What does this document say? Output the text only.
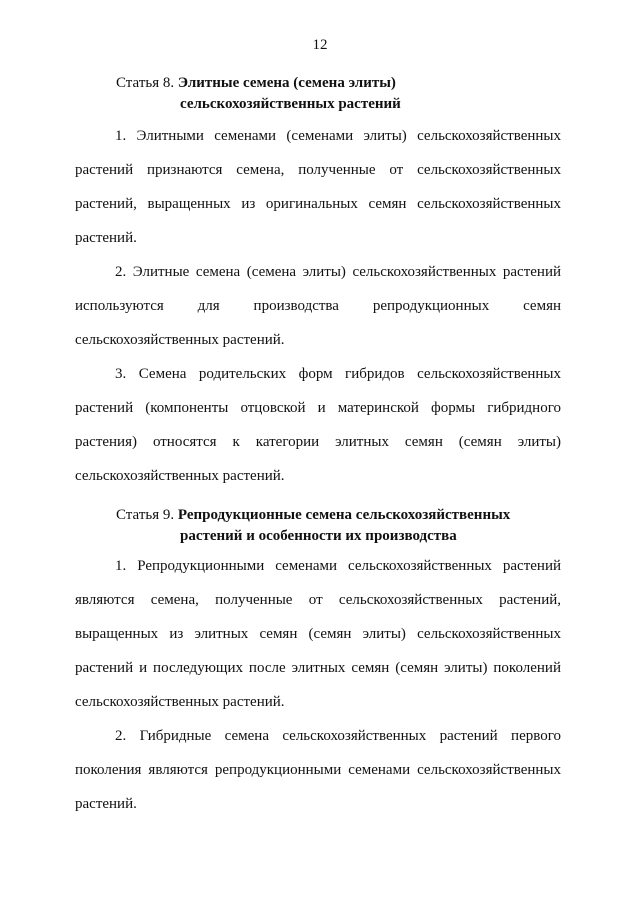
12
Статья 8. Элитные семена (семена элиты)
сельскохозяйственных растений

1. Элитными семенами (семенами элиты) сельскохозяйственных растений признаются семена, полученные от сельскохозяйственных растений, выращенных из оригинальных семян сельскохозяйственных растений.

2. Элитные семена (семена элиты) сельскохозяйственных растений используются для производства репродукционных семян сельскохозяйственных растений.

3. Семена родительских форм гибридов сельскохозяйственных растений (компоненты отцовской и материнской формы гибридного растения) относятся к категории элитных семян (семян элиты) сельскохозяйственных растений.

Статья 9. Репродукционные семена сельскохозяйственных
растений и особенности их производства

1. Репродукционными семенами сельскохозяйственных растений являются семена, полученные от сельскохозяйственных растений, выращенных из элитных семян (семян элиты) сельскохозяйственных растений и последующих после элитных семян (семян элиты) поколений сельскохозяйственных растений.

2. Гибридные семена сельскохозяйственных растений первого поколения являются репродукционными семенами сельскохозяйственных растений.
